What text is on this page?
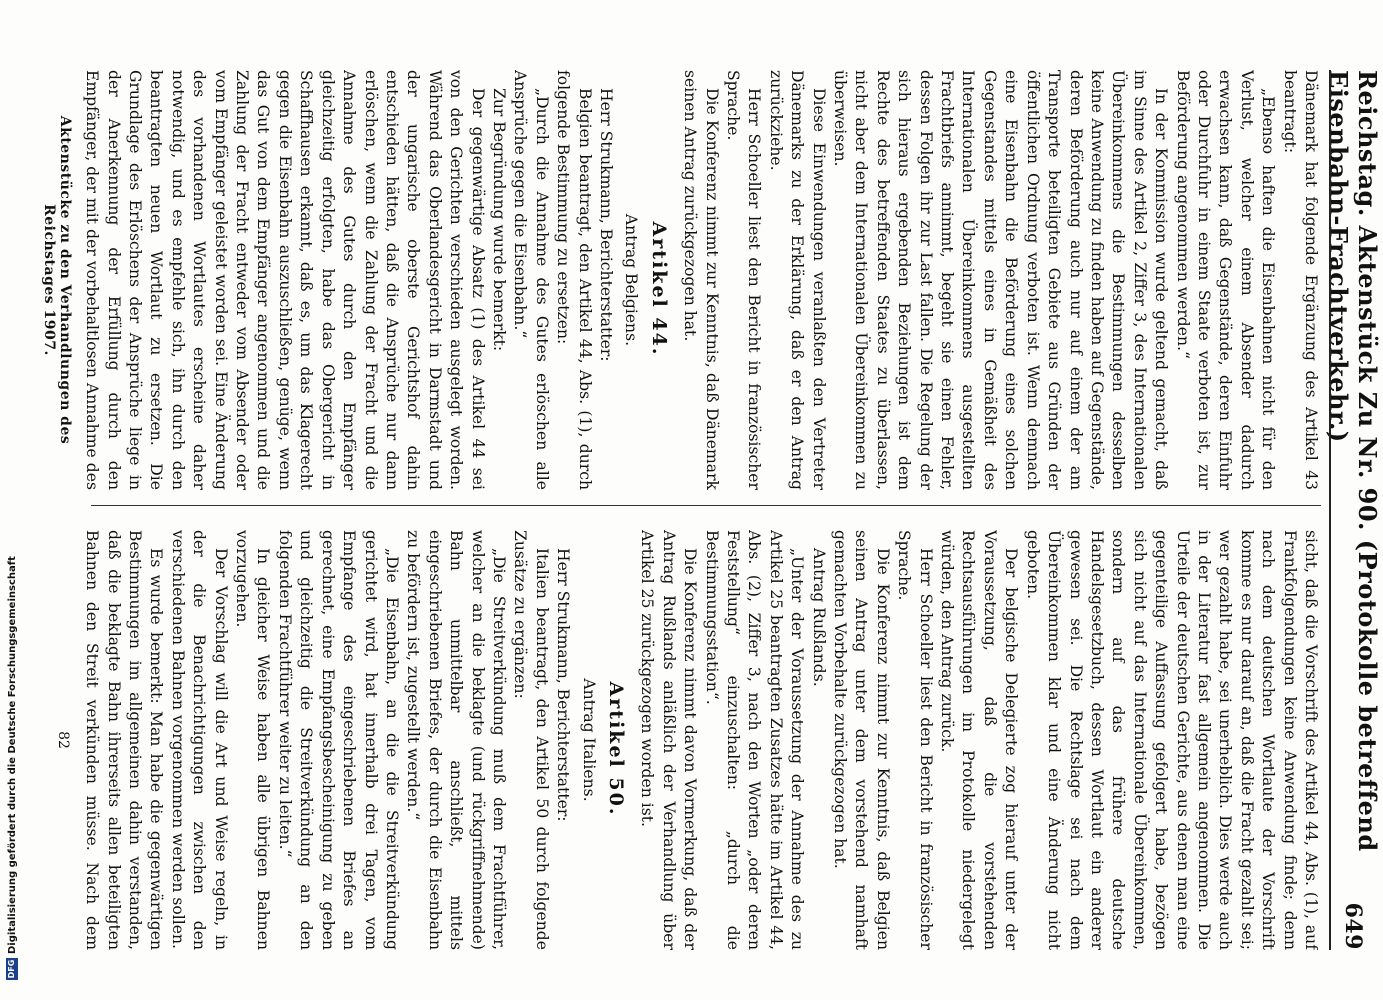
DFGDigitalisierung gefördert durch die Deutsche Forschungsgemeinschaft	Reichstag. Aktenstück Zu Nr. 90. (Protokolle betreffend Eisenbahn-Frachtverkehr.)
649

Dänemark hat folgende Ergänzung des Artikel 43 beantragt:

„Ebenso haften die Eisenbahnen nicht für den Verlust, welcher einem Absender dadurch erwachsen kann, daß Gegenstände, deren Einfuhr oder Durchfuhr in einem Staate verboten ist, zur Beförderung angenommen werden.“

In der Kommission wurde geltend gemacht, daß im Sinne des Artikel 2, Ziffer 3, des Internationalen Übereinkommens die Bestimmungen desselben keine Anwendung zu finden haben auf Gegenstände, deren Beförderung auch nur auf einem der am Transporte beteiligten Gebiete aus Gründen der öffentlichen Ordnung verboten ist. Wenn demnach eine Eisenbahn die Beförderung eines solchen Gegenstandes mittels eines in Gemäßheit des Internationalen Übereinkommens ausgestellten Frachtbriefs annimmt, begeht sie einen Fehler, dessen Folgen ihr zur Last fallen. Die Regelung der sich hieraus ergebenden Beziehungen ist dem Rechte des betreffenden Staates zu überlassen, nicht aber dem Internationalen Übereinkommen zu überweisen.

Diese Einwendungen veranlaßten den Vertreter Dänemarks zu der Erklärung, daß er den Antrag zurückziehe.

Herr Schoeller liest den Bericht in französischer Sprache.

Die Konferenz nimmt zur Kenntnis, daß Dänemark seinen Antrag zurückgezogen hat.

Artikel 44.

Antrag Belgiens.

Herr Strukmann, Berichterstatter:

Belgien beantragt, den Artikel 44, Abs. (1), durch folgende Bestimmung zu ersetzen:

„Durch die Annahme des Gutes erlöschen alle Ansprüche gegen die Eisenbahn.“

Zur Begründung wurde bemerkt:

Der gegenwärtige Absatz (1) des Artikel 44 sei von den Gerichten verschieden ausgelegt worden. Während das Oberlandesgericht in Darmstadt und der ungarische oberste Gerichtshof dahin entschieden hätten, daß die Ansprüche nur dann erlöschen, wenn die Zahlung der Fracht und die Annahme des Gutes durch den Empfänger gleichzeitig erfolgten, habe das Obergericht in Schaffhausen erkannt, daß es, um das Klagerecht gegen die Eisenbahn auszuschließen, genüge, wenn das Gut von dem Empfänger angenommen und die Zahlung der Fracht entweder vom Absender oder vom Empfänger geleistet worden sei. Eine Änderung des vorhandenen Wortlautes erscheine daher notwendig, und es empfehle sich, ihn durch den beantragten neuen Wortlaut zu ersetzen. Die Grundlage des Erlöschens der Ansprüche liege in der Anerkennung der Erfüllung durch den Empfänger, der mit der vorbehaltlosen Annahme des

sicht, daß die Vorschrift des Artikel 44, Abs. (1), auf Frankfolgendungen keine Anwendung finde; denn nach dem deutschen Wortlaute der Vorschrift komme es nur darauf an, daß die Fracht gezahlt sei; wer gezahlt habe, sei unerheblich. Dies werde auch in der Literatur fast allgemein angenommen. Die Urteile der deutschen Gerichte, aus denen man eine gegenteilige Auffassung gefolgert habe, bezögen sich nicht auf das Internationale Übereinkommen, sondern auf das frühere deutsche Handelsgesetzbuch, dessen Wortlaut ein anderer gewesen sei. Die Rechtslage sei nach dem Übereinkommen klar und eine Änderung nicht geboten.

Der belgische Delegierte zog hierauf unter der Voraussetzung, daß die vorstehenden Rechtsausführungen im Protokolle niedergelegt würden, den Antrag zurück.

Herr Schoeller liest den Bericht in französischer Sprache.

Die Konferenz nimmt zur Kenntnis, daß Belgien seinen Antrag unter dem vorstehend namhaft gemachten Vorbehalte zurückgezogen hat.

Antrag Rußlands.

„Unter der Voraussetzung der Annahme des zu Artikel 25 beantragten Zusatzes hätte im Artikel 44, Abs. (2), Ziffer 3, nach den Worten „oder deren Feststellung“ einzuschalten: „durch die Bestimmungsstation“.

Die Konferenz nimmt davon Vormerkung, daß der Antrag Rußlands anläßlich der Verhandlung über Artikel 25 zurückgezogen worden ist.

Artikel 50.

Antrag Italiens.

Herr Strukmann, Berichterstatter:

Italien beantragt, den Artikel 50 durch folgende Zusätze zu ergänzen:

„Die Streitverkündung muß dem Frachtführer, welcher an die beklagte (und rückgriffnehmende) Bahn unmittelbar anschließt, mittels eingeschriebenen Briefes, der durch die Eisenbahn zu befördern ist, zugestellt werden.“

„Die Eisenbahn, an die die Streitverkündung gerichtet wird, hat innerhalb drei Tagen, vom Empfange des eingeschriebenen Briefes an gerechnet, eine Empfangsbescheinigung zu geben und gleichzeitig die Streitverkündung an den folgenden Frachtführer weiter zu leiten.“

In gleicher Weise haben alle übrigen Bahnen vorzugehen.

Der Vorschlag will die Art und Weise regeln, in der die Benachrichtigungen zwischen den verschiedenen Bahnen vorgenommen werden sollen.

Es wurde bemerkt: Man habe die gegenwärtigen Bestimmungen im allgemeinen dahin verstanden, daß die beklagte Bahn ihrerseits allen beteiligten Bahnen den Streit verkünden müsse. Nach dem

Aktenstücke zu den Verhandlungen des Reichstages 1907.
82
